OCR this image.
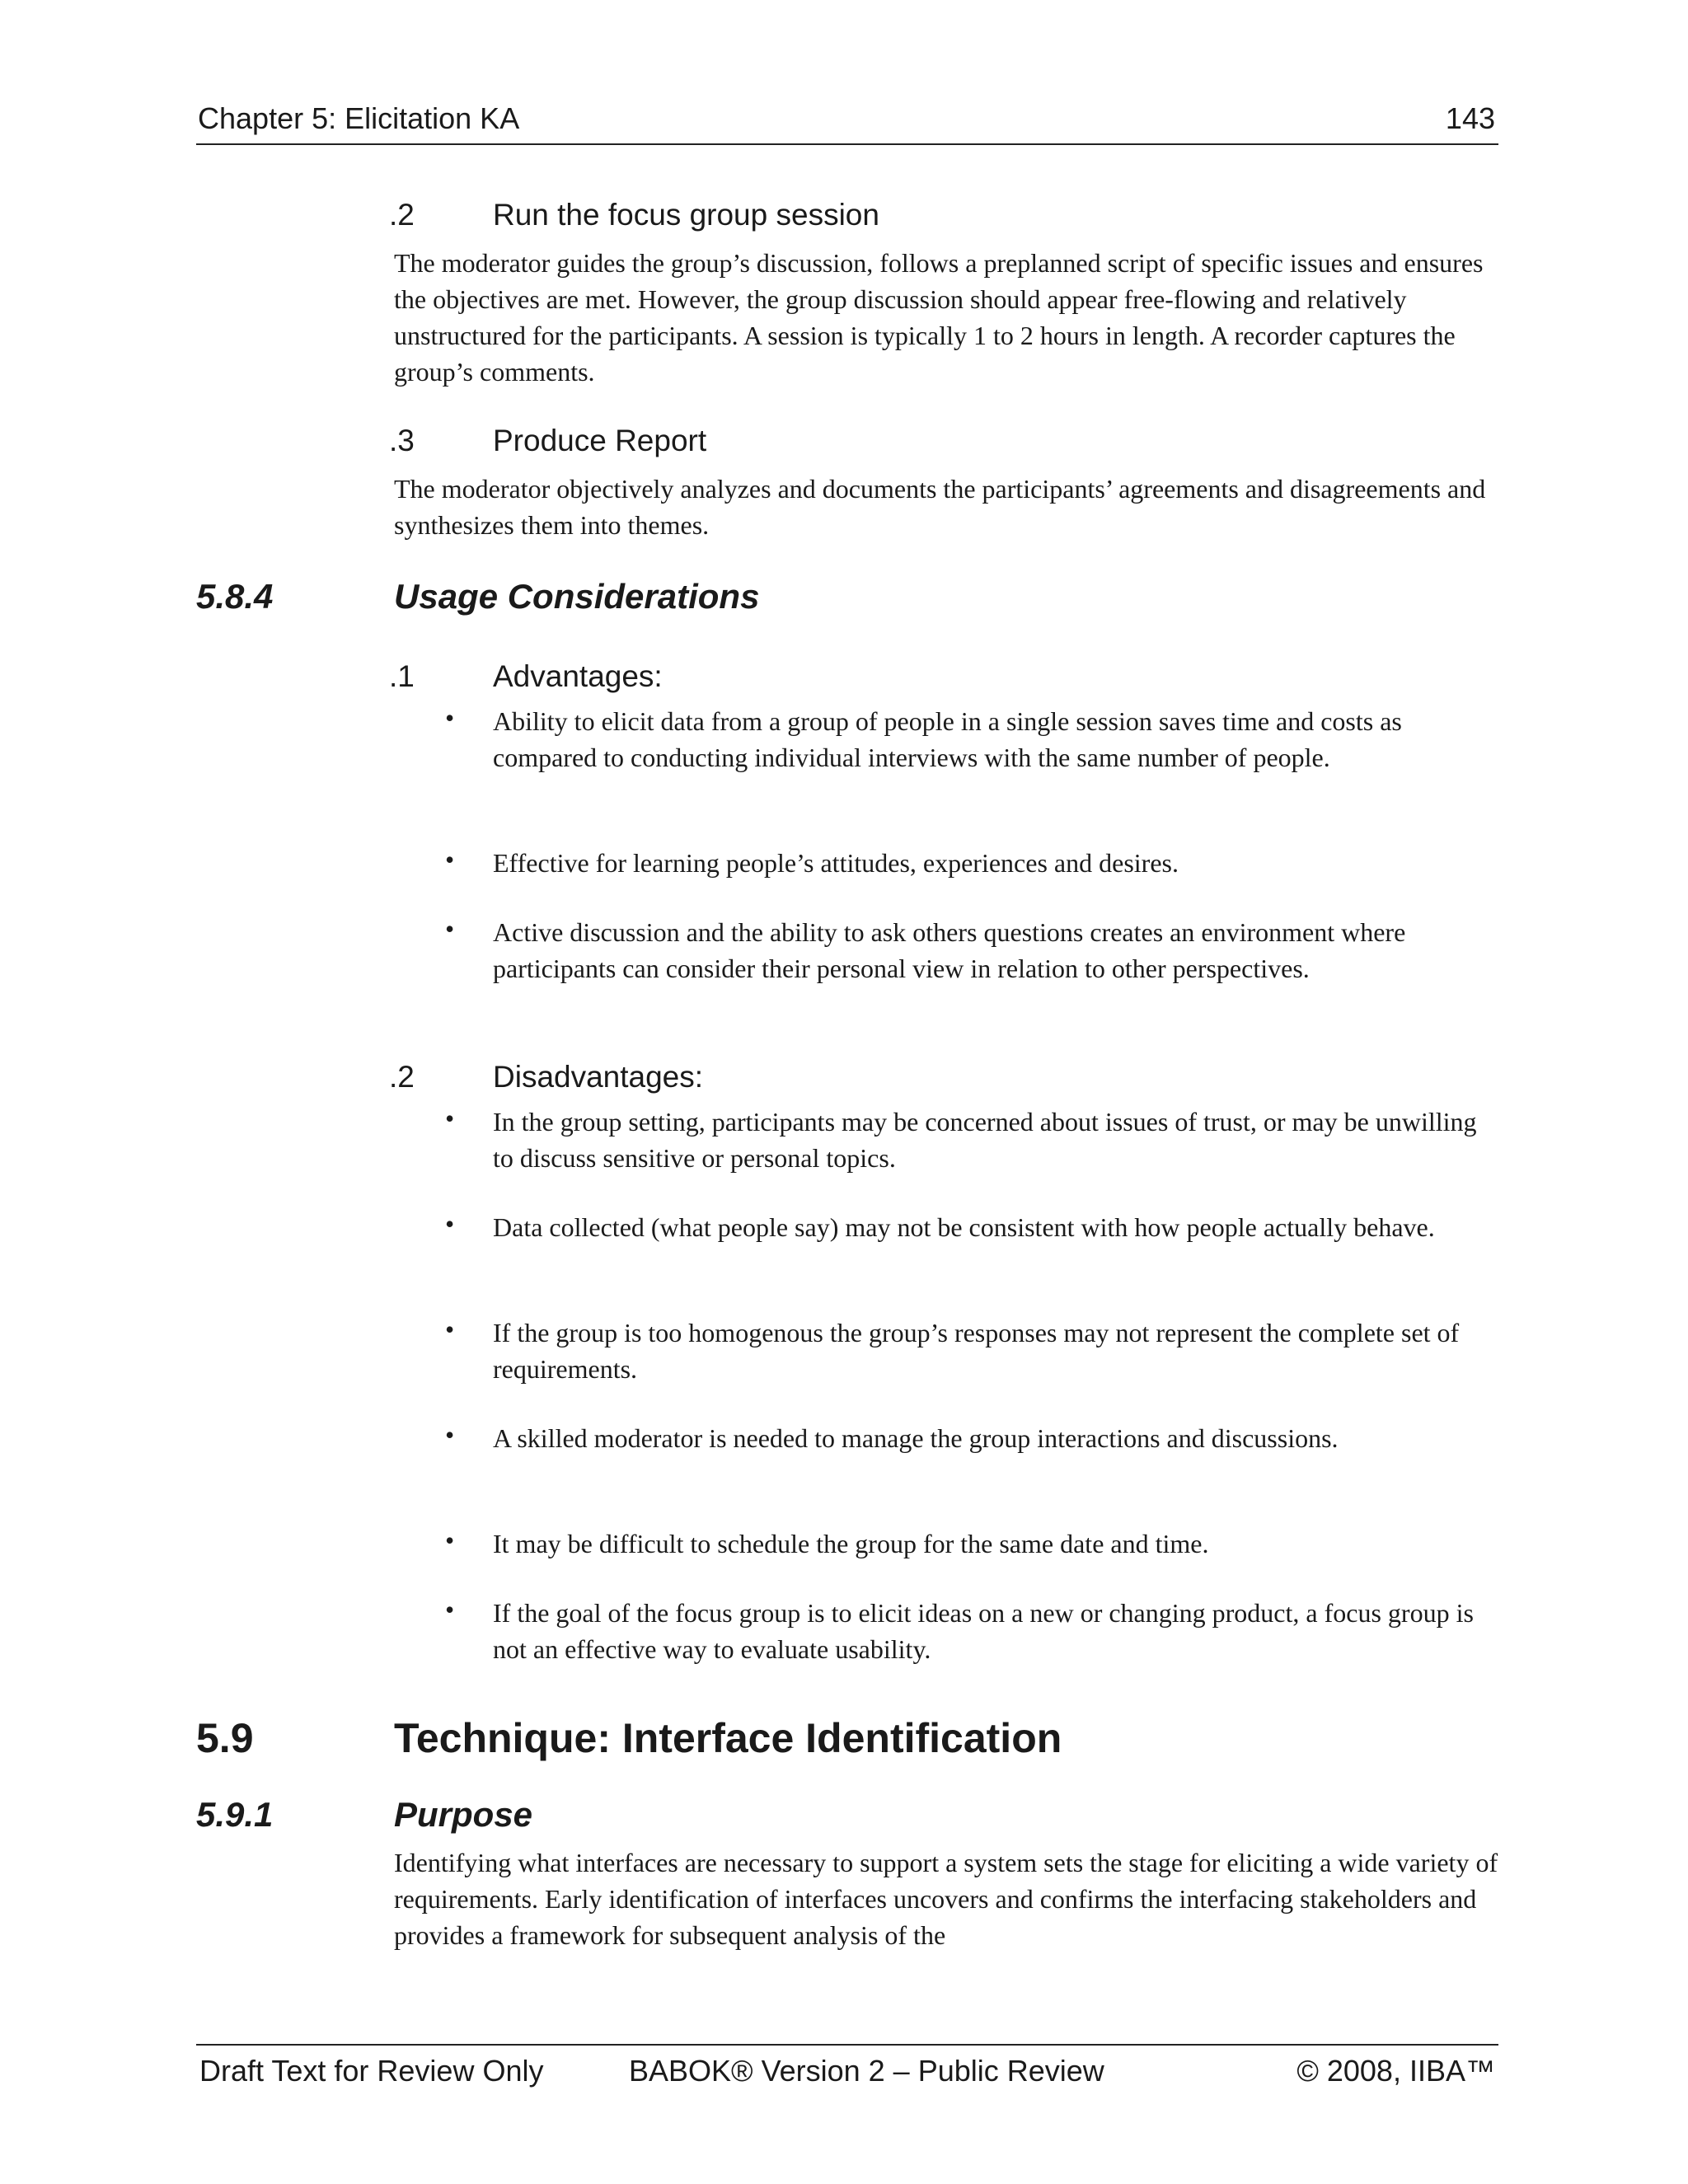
Chapter 5: Elicitation KA	143
.2	Run the focus group session
The moderator guides the group’s discussion, follows a preplanned script of specific issues and ensures the objectives are met. However, the group discussion should appear free-flowing and relatively unstructured for the participants. A session is typically 1 to 2 hours in length. A recorder captures the group’s comments.
.3	Produce Report
The moderator objectively analyzes and documents the participants’ agreements and disagreements and synthesizes them into themes.
5.8.4	Usage Considerations
.1	Advantages:
• Ability to elicit data from a group of people in a single session saves time and costs as compared to conducting individual interviews with the same number of people.
• Effective for learning people’s attitudes, experiences and desires.
• Active discussion and the ability to ask others questions creates an environment where participants can consider their personal view in relation to other perspectives.
.2	Disadvantages:
• In the group setting, participants may be concerned about issues of trust, or may be unwilling to discuss sensitive or personal topics.
• Data collected (what people say) may not be consistent with how people actually behave.
• If the group is too homogenous the group’s responses may not represent the complete set of requirements.
• A skilled moderator is needed to manage the group interactions and discussions.
• It may be difficult to schedule the group for the same date and time.
• If the goal of the focus group is to elicit ideas on a new or changing product, a focus group is not an effective way to evaluate usability.
5.9	Technique: Interface Identification
5.9.1	Purpose
Identifying what interfaces are necessary to support a system sets the stage for eliciting a wide variety of requirements. Early identification of interfaces uncovers and confirms the interfacing stakeholders and provides a framework for subsequent analysis of the
Draft Text for Review Only	BABOK® Version 2 – Public Review	© 2008, IIBA™
